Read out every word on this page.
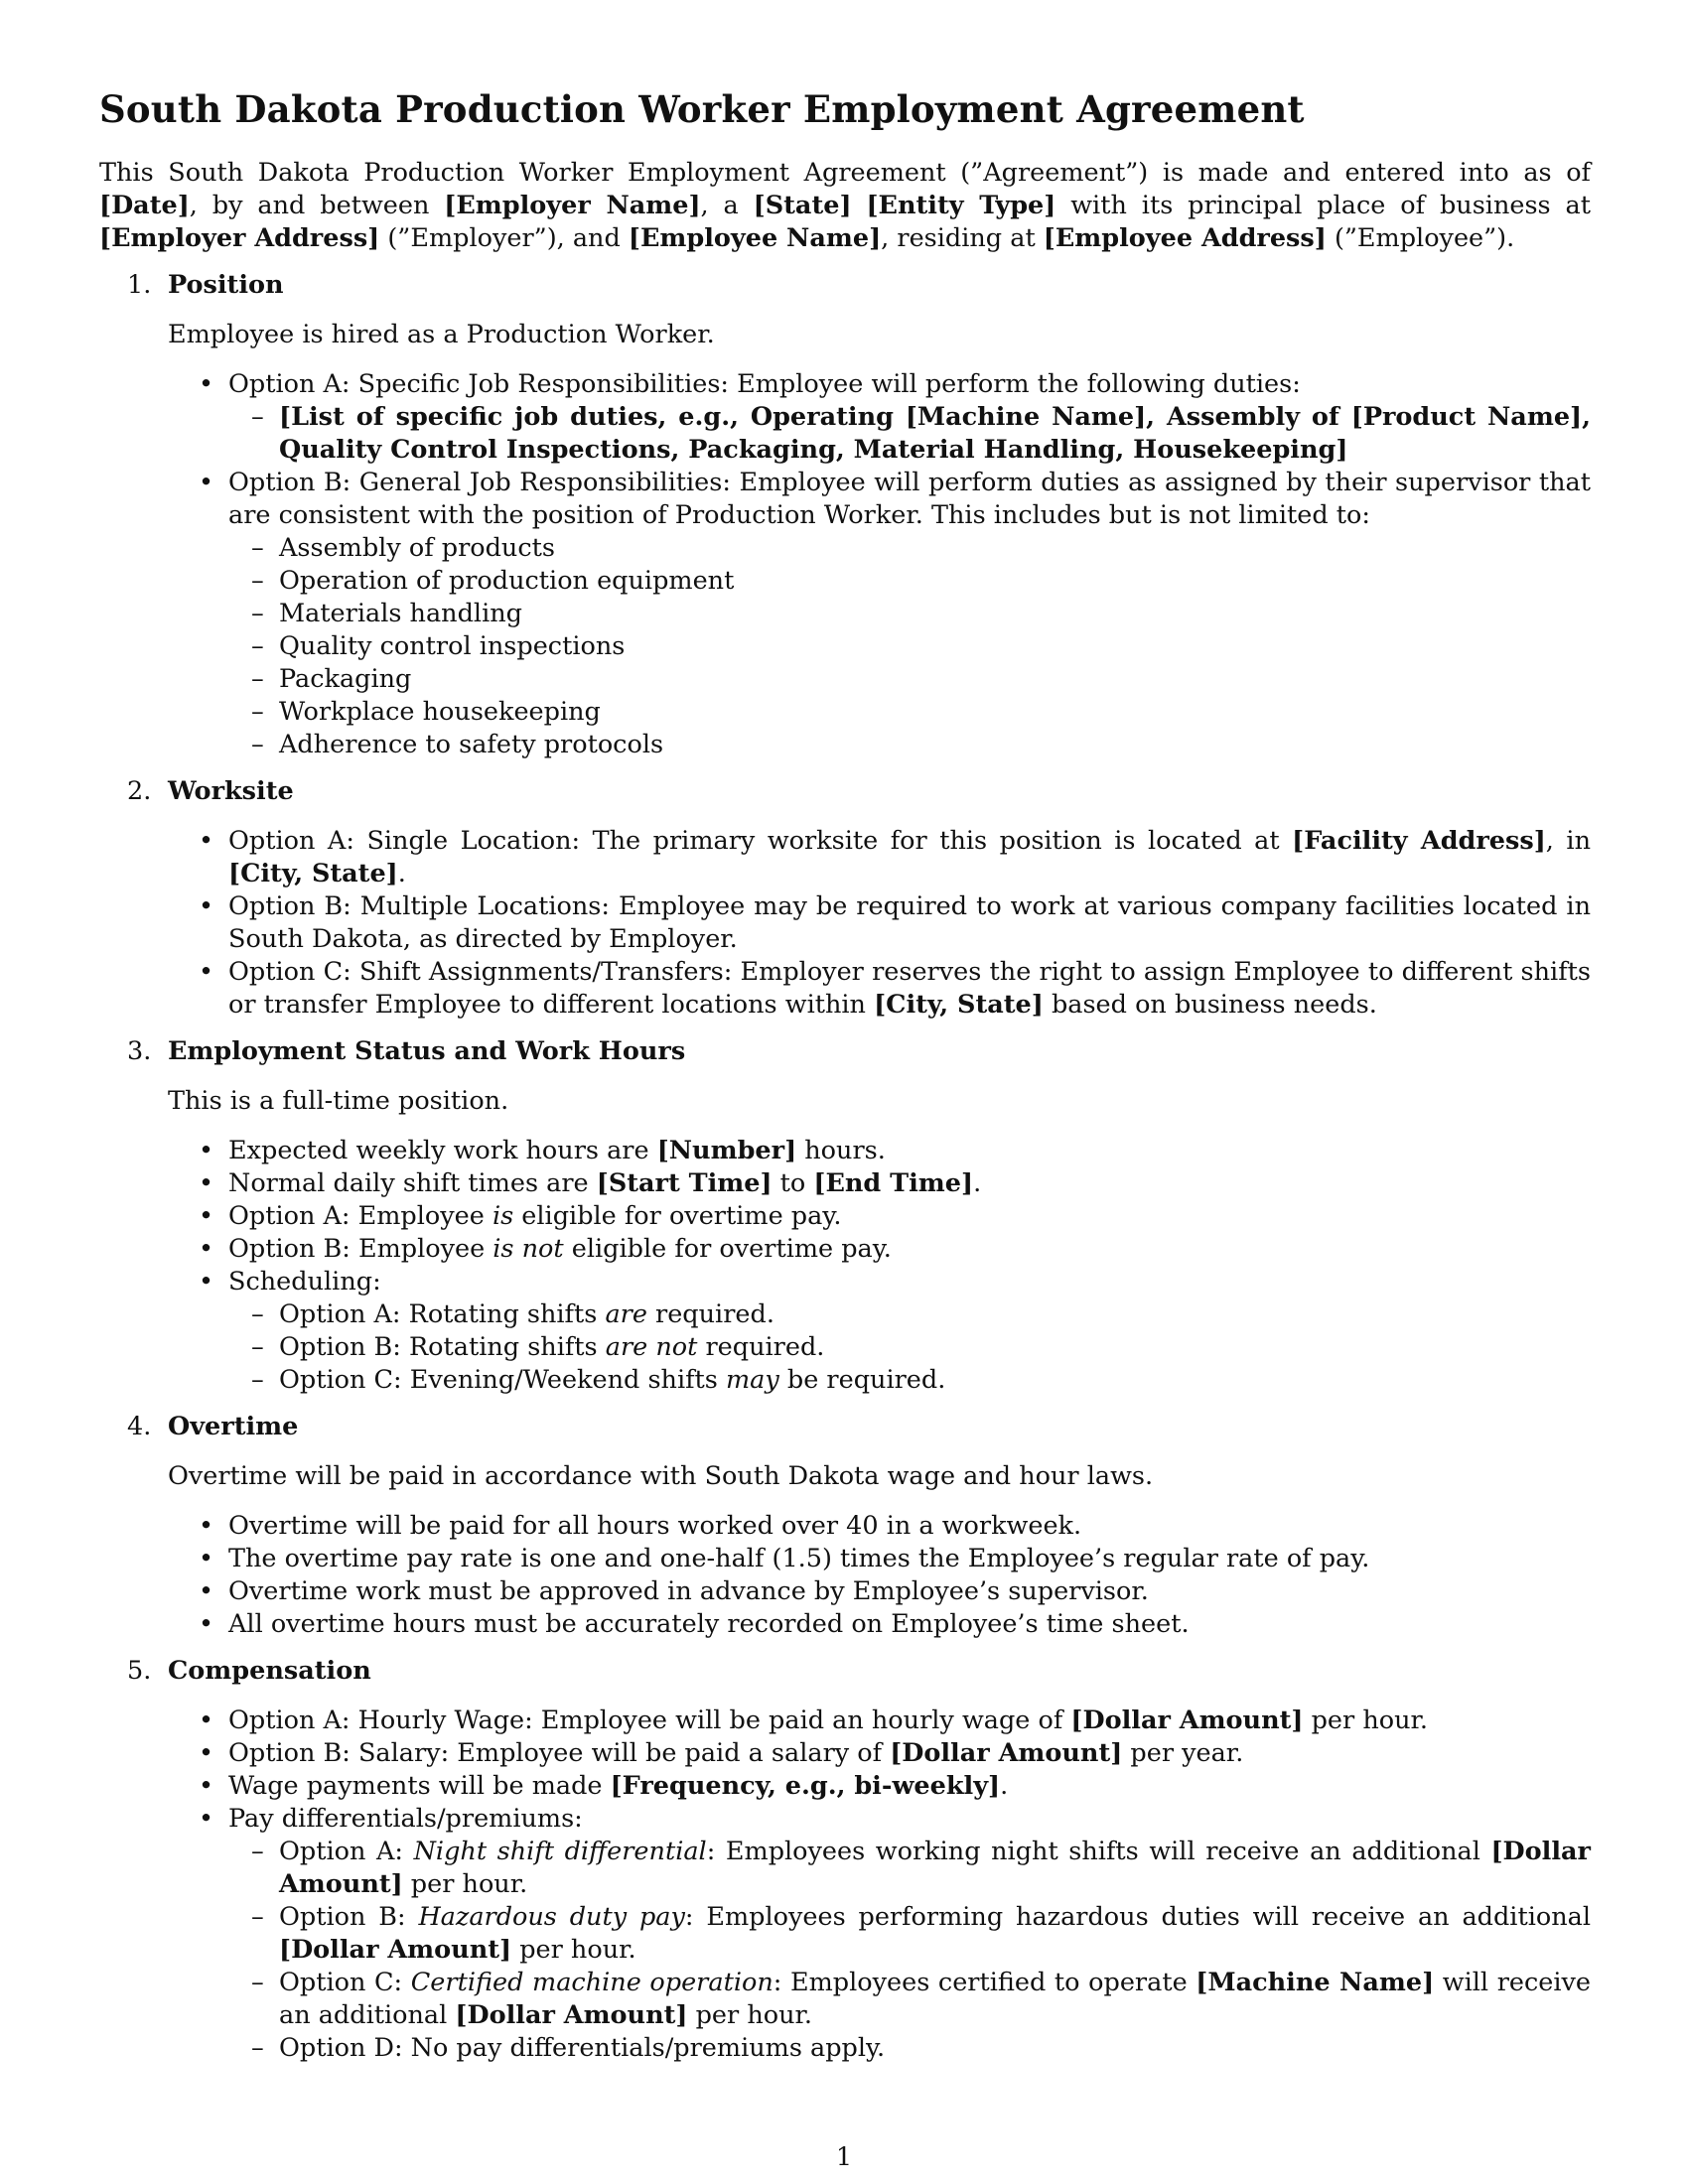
South Dakota Production Worker Employment Agreement

This South Dakota Production Worker Employment Agreement (”Agreement”) is made and entered into as of [Date], by and between [Employer Name], a [State] [Entity Type] with its principal place of business at [Employer Address] (”Employer”), and [Employee Name], residing at [Employee Address] (”Employee”).

1. Position

Employee is hired as a Production Worker.

• Option A: Specific Job Responsibilities: Employee will perform the following duties:
– [List of specific job duties, e.g., Operating [Machine Name], Assembly of [Product Name], Quality Control Inspections, Packaging, Material Handling, Housekeeping]
• Option B: General Job Responsibilities: Employee will perform duties as assigned by their supervisor that are consistent with the position of Production Worker. This includes but is not limited to:
– Assembly of products
– Operation of production equipment
– Materials handling
– Quality control inspections
– Packaging
– Workplace housekeeping
– Adherence to safety protocols
2. Worksite
• Option A: Single Location: The primary worksite for this position is located at [Facility Address], in [City, State].
• Option B: Multiple Locations: Employee may be required to work at various company facilities located in South Dakota, as directed by Employer.
• Option C: Shift Assignments/Transfers: Employer reserves the right to assign Employee to different shifts or transfer Employee to different locations within [City, State] based on business needs.
3. Employment Status and Work Hours

This is a full-time position.

• Expected weekly work hours are [Number] hours.
• Normal daily shift times are [Start Time] to [End Time].
• Option A: Employee is eligible for overtime pay.
• Option B: Employee is not eligible for overtime pay.
• Scheduling:
– Option A: Rotating shifts are required.
– Option B: Rotating shifts are not required.
– Option C: Evening/Weekend shifts may be required.
4. Overtime

Overtime will be paid in accordance with South Dakota wage and hour laws.

• Overtime will be paid for all hours worked over 40 in a workweek.
• The overtime pay rate is one and one-half (1.5) times the Employee’s regular rate of pay.
• Overtime work must be approved in advance by Employee’s supervisor.
• All overtime hours must be accurately recorded on Employee’s time sheet.
5. Compensation
• Option A: Hourly Wage: Employee will be paid an hourly wage of [Dollar Amount] per hour.
• Option B: Salary: Employee will be paid a salary of [Dollar Amount] per year.
• Wage payments will be made [Frequency, e.g., bi-weekly].
• Pay differentials/premiums:
– Option A: Night shift differential: Employees working night shifts will receive an additional [Dollar Amount] per hour.
– Option B: Hazardous duty pay: Employees performing hazardous duties will receive an additional [Dollar Amount] per hour.
– Option C: Certified machine operation: Employees certified to operate [Machine Name] will receive an additional [Dollar Amount] per hour.
– Option D: No pay differentials/premiums apply.
1
